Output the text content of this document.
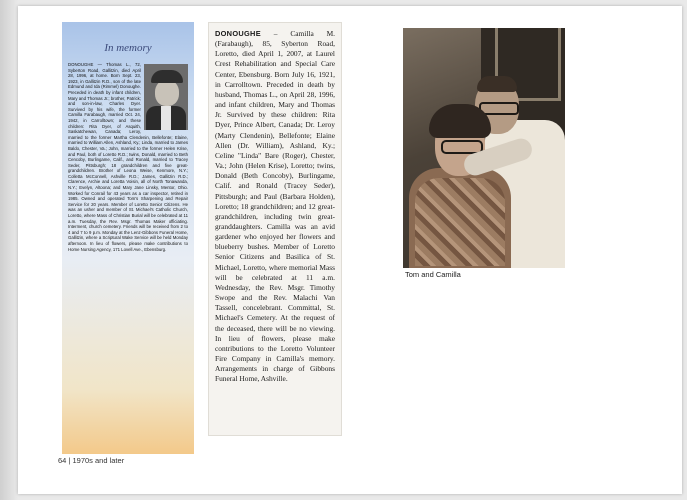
In memory
DONOUGHE — Thomas L., 72, Syberton Road, Gallitzin, died April 28, 1996, at home. Born Sept. 23, 1923, in Gallitzin R.D., son of the late Edmund and Ida (Rimmel) Donoughe. Preceded in death by infant children, Mary and Thomas Jr.; brother, Patrick; and son-in-law, Charles Dyer. Survived by his wife, the former Camilla Farabaugh, married Oct. 24, 1942, in Carrolltown; and these children: Rita Dyer, of Asquith, Saskatchewan, Canada; Leroy, married to the former Martha Clendenin, Bellefonte; Elaine, married to William Allen, Ashland, Ky.; Linda, married to James Baldo, Chester, Va.; John, married to the former Helen Krise, and Paul, both of Loretto R.D.; twins, Donald, married to Beth Cencoby, Burlingame, Calif., and Ronald, married to Tracey Seder, Pittsburgh; 18 grandchildren and five great-grandchildren. Brother of Leona Weise, Kenmore, N.Y.; Colletta McConnell, Ashville R.D.; James, Gallitzin R.D.; Clarence, Archie and Loretta Voisin, all of North Tonawanda, N.Y.; Evelyn, Altoona; and Mary Jane Linsky, Mentor, Ohio. Worked for Conrail for 43 years as a car inspector, retired in 1985. Owned and operated Tom's Sharpening and Repair Service for 20 years. Member of Loretto Senior Citizens. He was an usher and member of St. Michael's Catholic Church, Loretto, where Mass of Christian Burial will be celebrated at 11 a.m. Tuesday, the Rev. Msgr. Thomas Maker officiating. Interment, church cemetery. Friends will be received from 2 to 4 and 7 to 9 p.m. Monday at the Lenz-Gibbons Funeral Home, Gallitzin, where a Scriptural Wake Service will be held Monday afternoon. In lieu of flowers, please make contributions to Home Nursing Agency, 171 Lovell Ave., Ebensburg.
DONOUGHE – Camilla M. (Farabaugh), 85, Syberton Road, Loretto, died April 1, 2007, at Laurel Crest Rehabilitation and Special Care Center, Ebensburg. Born July 16, 1921, in Carrolltown. Preceded in death by husband, Thomas L., on April 28, 1996, and infant children, Mary and Thomas Jr. Survived by these children: Rita Dyer, Prince Albert, Canada; Dr. Leroy (Marty Clendenin), Bellefonte; Elaine Allen (Dr. William), Ashland, Ky.; Celine "Linda" Bare (Roger), Chester, Va.; John (Helen Krise), Loretto; twins, Donald (Beth Concoby), Burlingame, Calif. and Ronald (Tracey Seder), Pittsburgh; and Paul (Barbara Holden), Loretto; 18 grandchildren; and 12 great-grandchildren, including twin great-granddaughters. Camilla was an avid gardener who enjoyed her flowers and blueberry bushes. Member of Loretto Senior Citizens and Basilica of St. Michael, Loretto, where memorial Mass will be celebrated at 11 a.m. Wednesday, the Rev. Msgr. Timothy Swope and the Rev. Malachi Van Tassell, concelebrant. Committal, St. Michael's Cemetery. At the request of the deceased, there will be no viewing. In lieu of flowers, please make contributions to the Loretto Volunteer Fire Company in Camilla's memory. Arrangements in charge of Gibbons Funeral Home, Ashville.
Tom and Camilla
64 | 1970s and later
